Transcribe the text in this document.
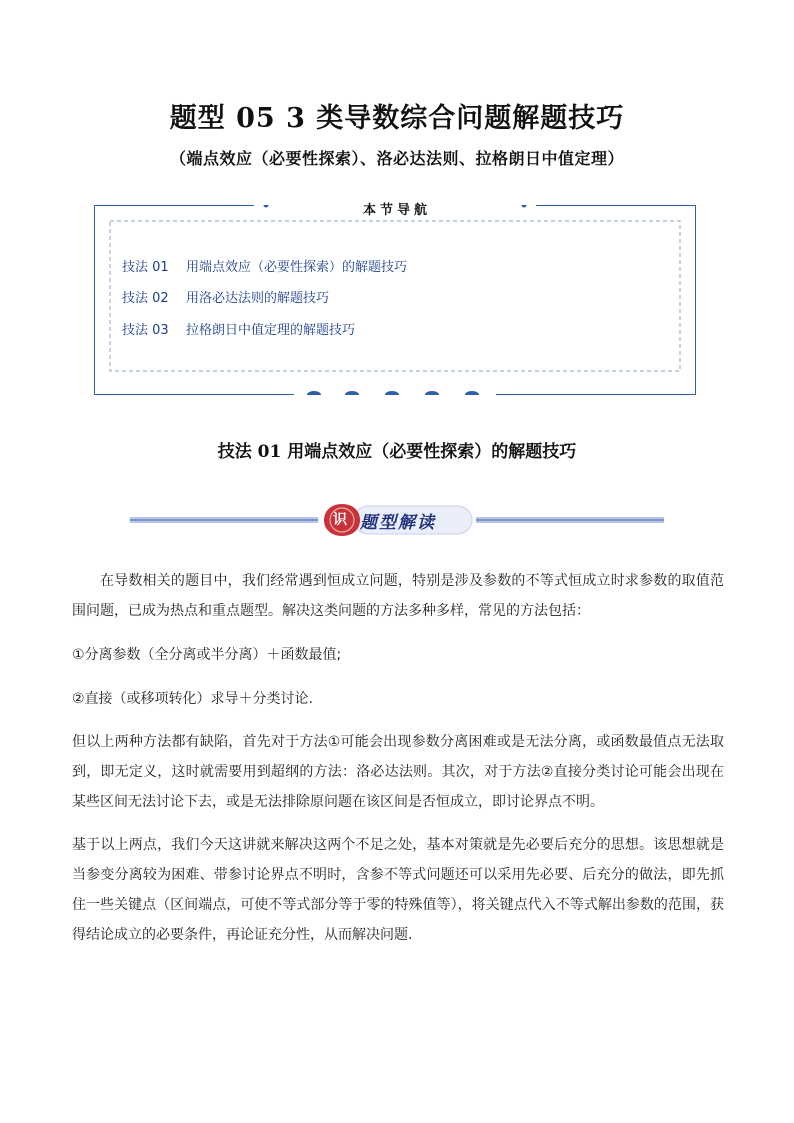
题型 05 3 类导数综合问题解题技巧
（端点效应（必要性探索）、洛必达法则、拉格朗日中值定理）
本节导航
技法 01 用端点效应（必要性探索）的解题技巧
技法 02 用洛必达法则的解题技巧
技法 03 拉格朗日中值定理的解题技巧
技法 01 用端点效应（必要性探索）的解题技巧
识 题型解读
在导数相关的题目中，我们经常遇到恒成立问题，特别是涉及参数的不等式恒成立时求参数的取值范围问题，已成为热点和重点题型。解决这类问题的方法多种多样，常见的方法包括：
①分离参数（全分离或半分离）＋函数最值;
②直接（或移项转化）求导＋分类讨论.
但以上两种方法都有缺陷，首先对于方法①可能会出现参数分离困难或是无法分离，或函数最值点无法取到，即无定义，这时就需要用到超纲的方法：洛必达法则。其次，对于方法②直接分类讨论可能会出现在某些区间无法讨论下去，或是无法排除原问题在该区间是否恒成立，即讨论界点不明。
基于以上两点，我们今天这讲就来解决这两个不足之处，基本对策就是先必要后充分的思想。该思想就是当参变分离较为困难、带参讨论界点不明时，含参不等式问题还可以采用先必要、后充分的做法，即先抓住一些关键点（区间端点，可使不等式部分等于零的特殊值等），将关键点代入不等式解出参数的范围，获得结论成立的必要条件，再论证充分性，从而解决问题.
